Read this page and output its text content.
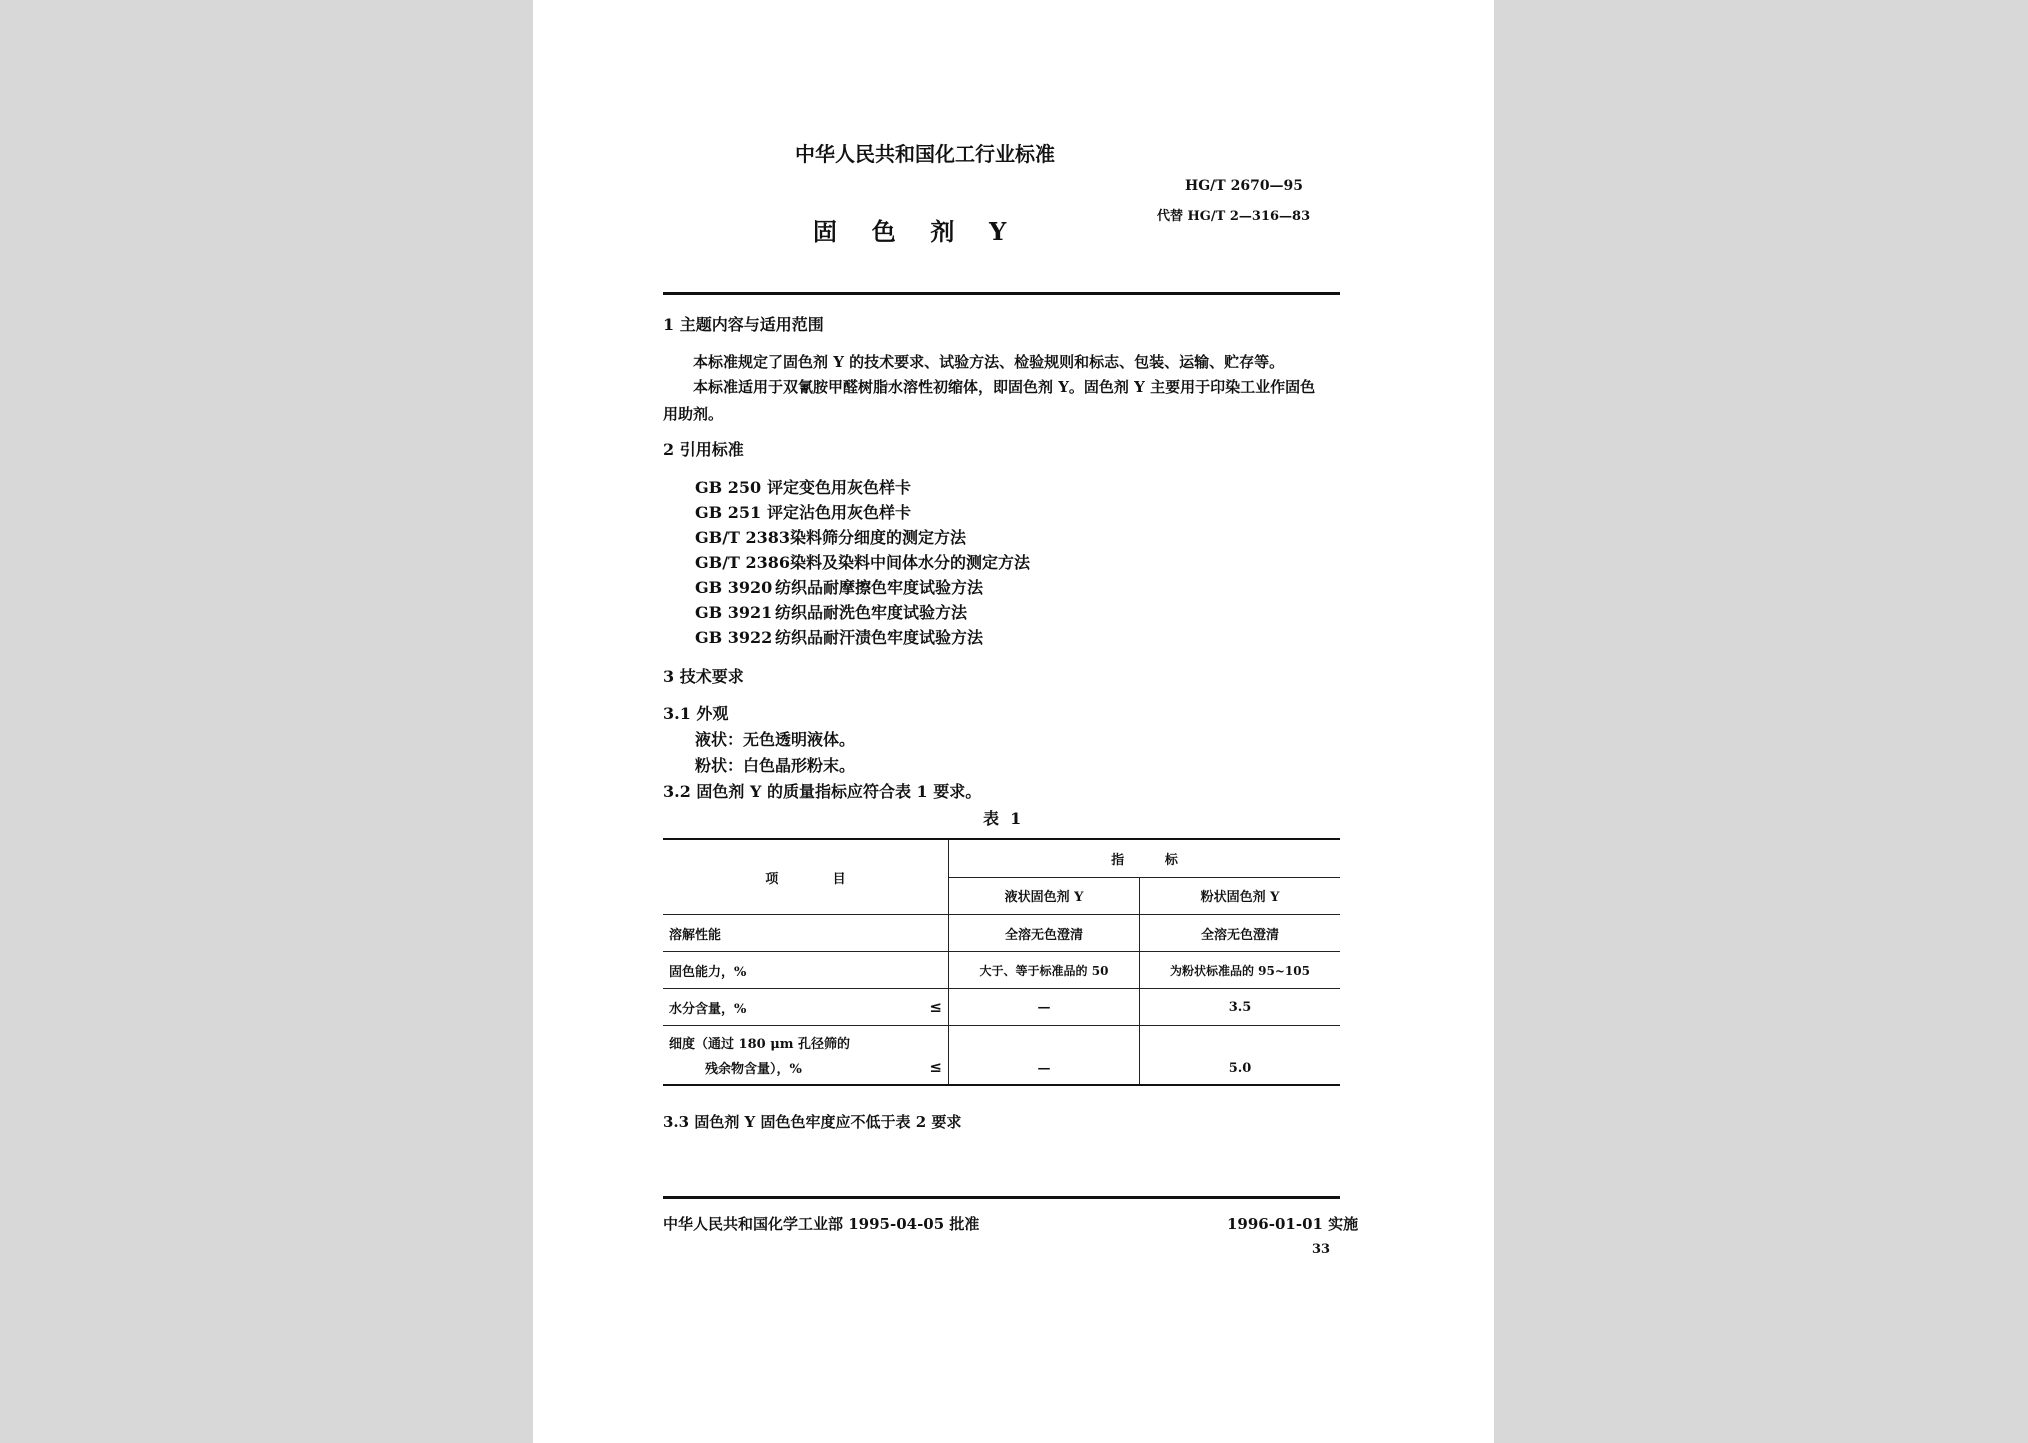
中华人民共和国化工行业标准
HG/T 2670—95
代替 HG/T 2—316—83
固  色  剂  Y
1 主题内容与适用范围
本标准规定了固色剂 Y 的技术要求、试验方法、检验规则和标志、包装、运输、贮存等。
本标准适用于双氰胺甲醛树脂水溶性初缩体，即固色剂 Y。固色剂 Y 主要用于印染工业作固色
用助剂。
2 引用标准
GB 250 评定变色用灰色样卡
GB 251 评定沾色用灰色样卡
GB/T 2383染料筛分细度的测定方法
GB/T 2386染料及染料中间体水分的测定方法
GB 3920 纺织品耐摩擦色牢度试验方法
GB 3921 纺织品耐洗色牢度试验方法
GB 3922 纺织品耐汗渍色牢度试验方法
3 技术要求
3.1 外观
液状：无色透明液体。
粉状：白色晶形粉末。
3.2 固色剂 Y 的质量指标应符合表 1 要求。
表  1
项            目	指         标	
	液状固色剂 Y	粉状固色剂 Y
溶解性能	全溶无色澄清	全溶无色澄清
固色能力，%	大于、等于标准品的 50	为粉状标准品的 95~105
水分含量，% ≤	—	3.5

细度（通过 180 μm 孔径筛的
残余物含量），% ≤	—	5.0
3.3 固色剂 Y 固色色牢度应不低于表 2 要求
中华人民共和国化学工业部 1995-04-05 批准	1996-01-01 实施
33
